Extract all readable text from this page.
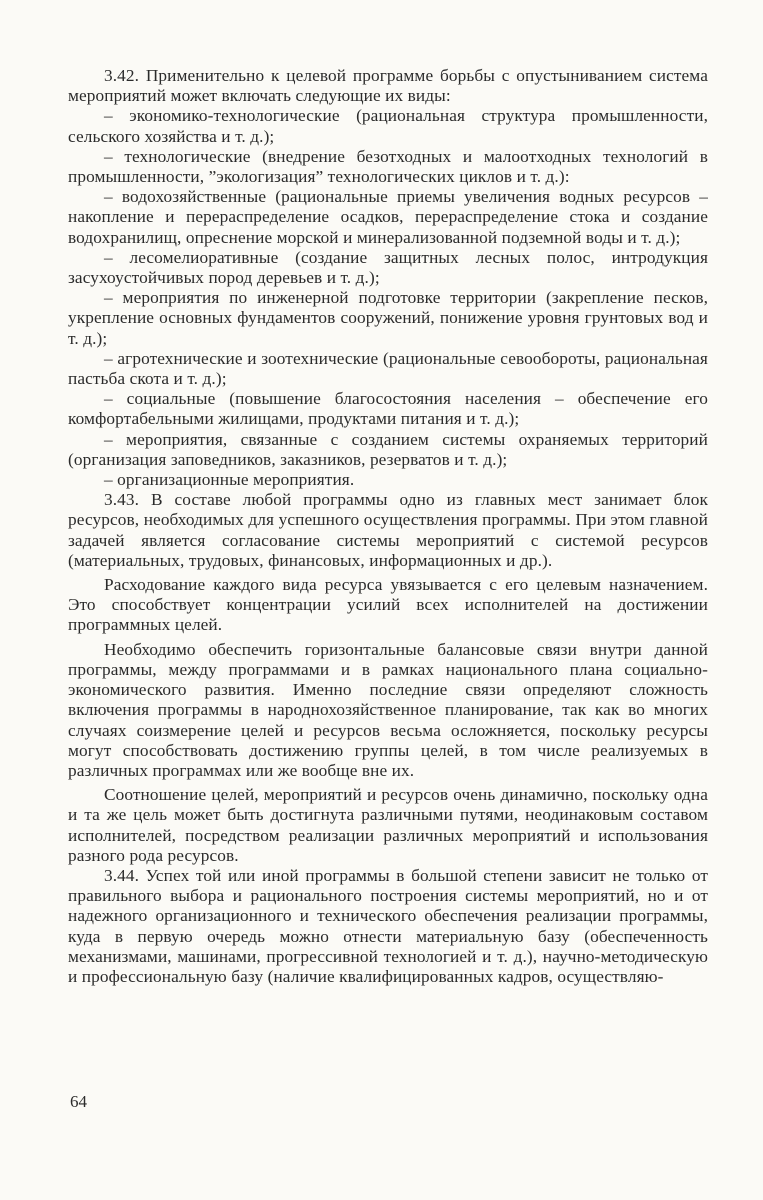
3.42. Применительно к целевой программе борьбы с опустыниванием система мероприятий может включать следующие их виды:

– экономико-технологические (рациональная структура промышленности, сельского хозяйства и т. д.);

– технологические (внедрение безотходных и малоотходных технологий в промышленности, ”экологизация” технологических циклов и т. д.):

– водохозяйственные (рациональные приемы увеличения водных ресурсов – накопление и перераспределение осадков, перераспределение стока и создание водохранилищ, опреснение морской и минерализованной подземной воды и т. д.);

– лесомелиоративные (создание защитных лесных полос, интродукция засухоустойчивых пород деревьев и т. д.);

– мероприятия по инженерной подготовке территории (закрепление песков, укрепление основных фундаментов сооружений, понижение уровня грунтовых вод и т. д.);

– агротехнические и зоотехнические (рациональные севообороты, рациональная пастьба скота и т. д.);

– социальные (повышение благосостояния населения – обеспечение его комфортабельными жилищами, продуктами питания и т. д.);

– мероприятия, связанные с созданием системы охраняемых территорий (организация заповедников, заказников, резерватов и т. д.);

– организационные мероприятия.

3.43. В составе любой программы одно из главных мест занимает блок ресурсов, необходимых для успешного осуществления программы. При этом главной задачей является согласование системы мероприятий с системой ресурсов (материальных, трудовых, финансовых, информационных и др.).

Расходование каждого вида ресурса увязывается с его целевым назначением. Это способствует концентрации усилий всех исполнителей на достижении программных целей.

Необходимо обеспечить горизонтальные балансовые связи внутри данной программы, между программами и в рамках национального плана социально-экономического развития. Именно последние связи определяют сложность включения программы в народнохозяйственное планирование, так как во многих случаях соизмерение целей и ресурсов весьма осложняется, поскольку ресурсы могут способствовать достижению группы целей, в том числе реализуемых в различных программах или же вообще вне их.

Соотношение целей, мероприятий и ресурсов очень динамично, поскольку одна и та же цель может быть достигнута различными путями, неодинаковым составом исполнителей, посредством реализации различных мероприятий и использования разного рода ресурсов.

3.44. Успех той или иной программы в большой степени зависит не только от правильного выбора и рационального построения системы мероприятий, но и от надежного организационного и технического обеспечения реализации программы, куда в первую очередь можно отнести материальную базу (обеспеченность механизмами, машинами, прогрессивной технологией и т. д.), научно-методическую и профессиональную базу (наличие квалифицированных кадров, осуществляю-

64
